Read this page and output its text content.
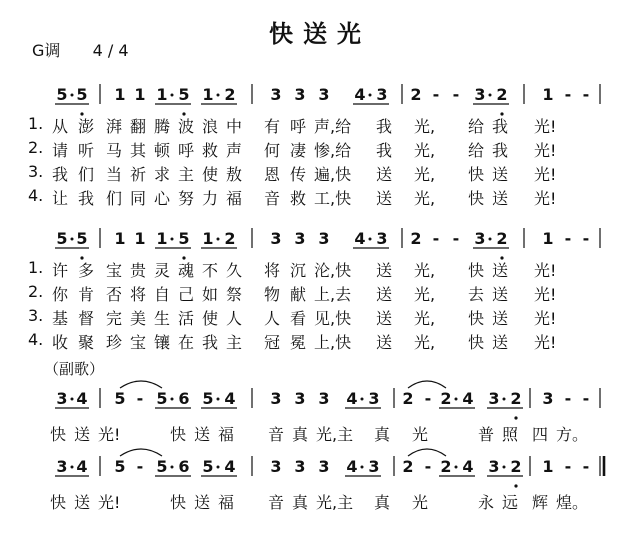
快送光
G调 4 / 4
（副歌）
5 5 1 1 1 5 1 2 3 3 3 4 3 2 - - 3 2 1 - -
5 5 1 1 1 5 1 2 3 3 3 4 3 2 - - 3 2 1 - -
3 4 5 - 5 6 5 4 3 3 3 4 3 2 - 2 4 3 2 3 - -
3 4 5 - 5 6 5 4 3 3 3 4 3 2 - 2 4 3 2 1 - -
1. 从 澎 湃 翻 腾 波 浪 中 有 呼 声,给 我 光, 给 我 光!
2. 请 听 马 其 顿 呼 救 声 何 凄 惨,给 我 光, 给 我 光!
3. 我 们 当 祈 求 主 使 敖 恩 传 遍,快 送 光, 快 送 光!
4. 让 我 们 同 心 努 力 福 音 救 工,快 送 光, 快 送 光!
1. 许 多 宝 贵 灵 魂 不 久 将 沉 沦,快 送 光, 快 送 光!
2. 你 肯 否 将 自 己 如 祭 物 献 上,去 送 光, 去 送 光!
3. 基 督 完 美 生 活 使 人 人 看 见,快 送 光, 快 送 光!
4. 收 聚 珍 宝 镶 在 我 主 冠 冕 上,快 送 光, 快 送 光!
快 送 光!	快 送 福 音 真 光,主 真 光	普 照 四 方。
快 送 光!	快 送 福 音 真 光,主 真 光	永 远 辉 煌。
